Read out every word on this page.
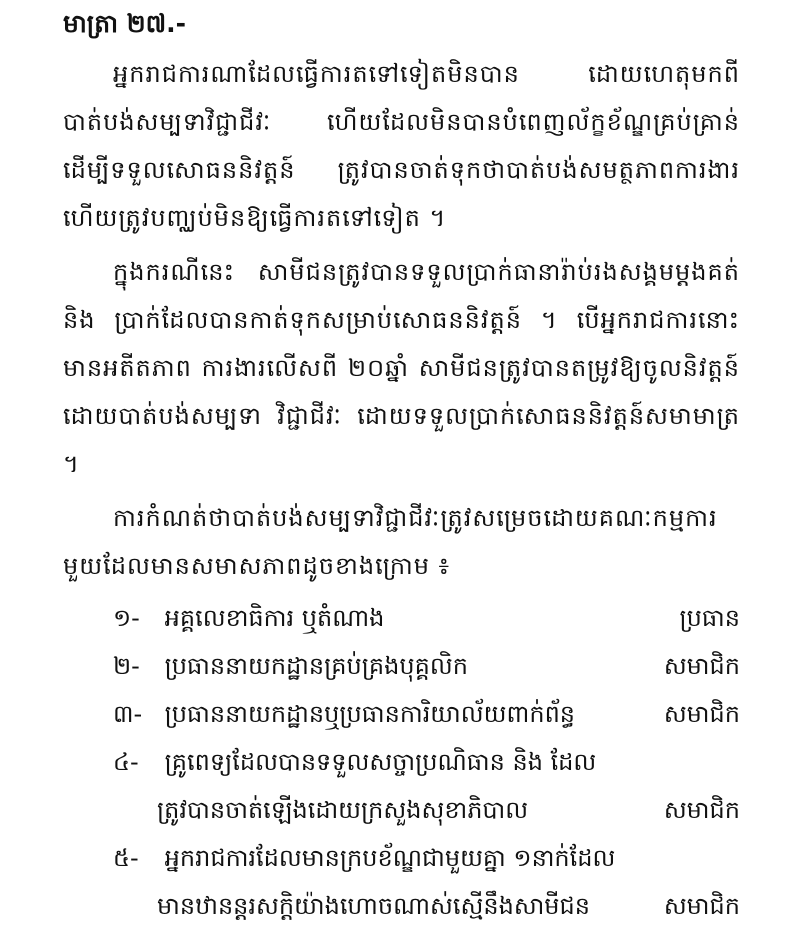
មាត្រា ២៧.-

អ្នករាជការណាដែលធ្វើការតទៅទៀតមិនបាន ដោយហេតុមកពីបាត់បង់សម្បទាវិជ្ជាជីវៈ ហើយដែលមិនបានបំពេញល័ក្ខខ័ណ្ឌគ្រប់គ្រាន់ដើម្បីទទួលសោធននិវត្តន៍ ត្រូវបានចាត់ទុកថាបាត់បង់សមត្ថភាពការងារ ហើយត្រូវបញ្ឈប់មិនឱ្យធ្វើការតទៅទៀត ។

ក្នុងករណីនេះ សាមីជនត្រូវបានទទួលប្រាក់ធានារ៉ាប់រងសង្គមម្តងគត់ និង ប្រាក់ដែលបានកាត់ទុកសម្រាប់សោធននិវត្តន៍ ។ បើអ្នករាជការនោះមានអតីតភាព ការងារលើសពី ២០ឆ្នាំ សាមីជនត្រូវបានតម្រូវឱ្យចូលនិវត្តន៍ដោយបាត់បង់សម្បទា វិជ្ជាជីវៈ ដោយទទួលប្រាក់សោធននិវត្តន៍សមាមាត្រ ។

ការកំណត់ថាបាត់បង់សម្បទាវិជ្ជាជីវៈត្រូវសម្រេចដោយគណៈកម្មការមួយដែលមានសមាសភាពដូចខាងក្រោម ៖

១- អគ្គលេខាធិការ ឬតំណាង	ប្រធាន
២- ប្រធាននាយកដ្ឋានគ្រប់គ្រងបុគ្គលិក	សមាជិក
៣- ប្រធាននាយកដ្ឋានឬប្រធានការិយាល័យពាក់ព័ន្ធ	សមាជិក
៤- គ្រូពេទ្យដែលបានទទួលសច្ចាប្រណិធាន និង ដែល
ត្រូវបានចាត់ឡើងដោយក្រសួងសុខាភិបាល	សមាជិក
៥- អ្នករាជការដែលមានក្របខ័ណ្ឌជាមួយគ្នា ១នាក់ដែល
មានឋានន្តរសក្តិយ៉ាងហោចណាស់ស្មើនឹងសាមីជន	សមាជិក
